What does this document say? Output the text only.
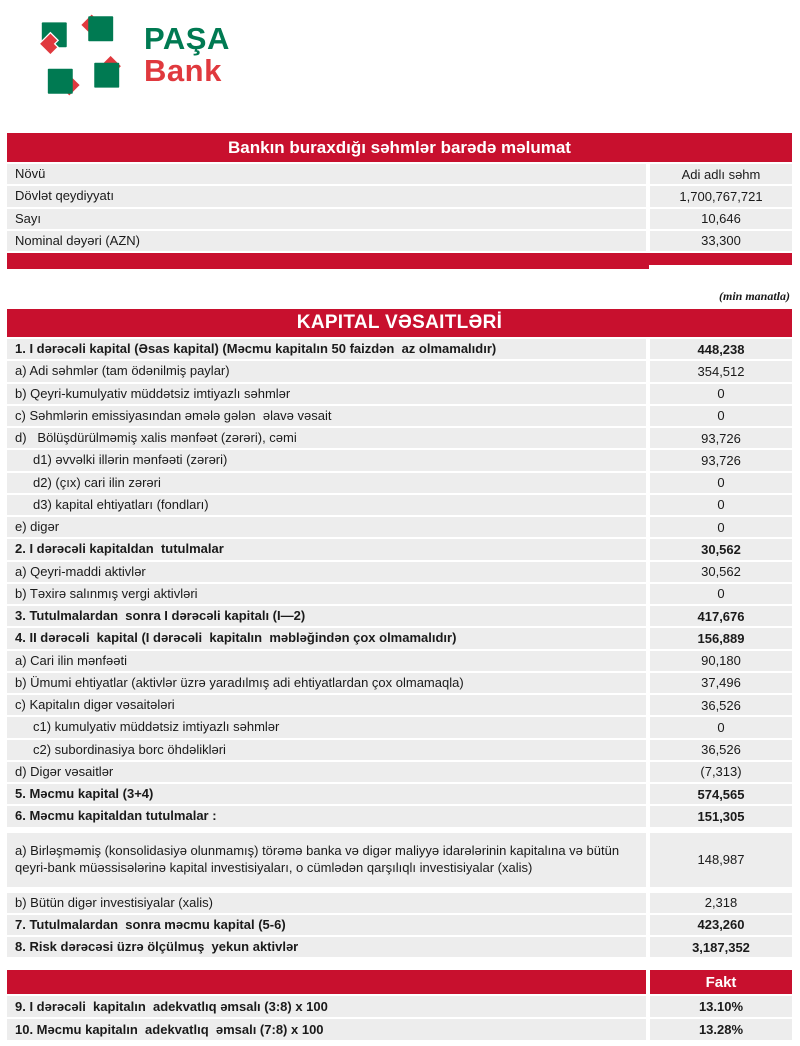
PAŞA
Bank
Bankın buraxdığı səhmlər barədə məlumat
Növü	Adi adlı səhm
Dövlət qeydiyyatı	1,700,767,721
Sayı	10,646
Nominal dəyəri (AZN)	33,300
(min manatla)
KAPITAL VƏSAITLƏRİ
1. I dərəcəli kapital (Əsas kapital) (Məcmu kapitalın 50 faizdən  az olmamalıdır)	448,238
a) Adi səhmlər (tam ödənilmiş paylar)	354,512
b) Qeyri-kumulyativ müddətsiz imtiyazlı səhmlər	0
c) Səhmlərin emissiyasından əmələ gələn  əlavə vəsait	0
d)   Bölüşdürülməmiş xalis mənfəət (zərəri), cəmi	93,726
d1) əvvəlki illərin mənfəəti (zərəri)	93,726
d2) (çıx) cari ilin zərəri	0
d3) kapital ehtiyatları (fondları)	0
e) digər	0
2. I dərəcəli kapitaldan  tutulmalar	30,562
a) Qeyri-maddi aktivlər	30,562
b) Təxirə salınmış vergi aktivləri	0
3. Tutulmalardan  sonra I dərəcəli kapitalı (I—2)	417,676
4. II dərəcəli  kapital (I dərəcəli  kapitalın  məbləğindən çox olmamalıdır)	156,889
a) Cari ilin mənfəəti	90,180
b) Ümumi ehtiyatlar (aktivlər üzrə yaradılmış adi ehtiyatlardan çox olmamaqla)	37,496
c) Kapitalın digər vəsaitələri	36,526
c1) kumulyativ müddətsiz imtiyazlı səhmlər	0
c2) subordinasiya borc öhdəlikləri	36,526
d) Digər vəsaitlər	(7,313)
5. Məcmu kapital (3+4)	574,565
6. Məcmu kapitaldan tutulmalar :	151,305
a) Birləşməmiş (konsolidasiyə olunmamış) törəmə banka və digər maliyyə idarələrinin kapitalına və bütün qeyri-bank müəssisələrinə kapital investisiyaları, o cümlədən qarşılıqlı investisiyalar (xalis)	148,987
b) Bütün digər investisiyalar (xalis)	2,318
7. Tutulmalardan  sonra məcmu kapital (5-6)	423,260
8. Risk dərəcəsi üzrə ölçülmuş  yekun aktivlər	3,187,352
Fakt
9. I dərəcəli  kapitalın  adekvatlıq əmsalı (3:8) x 100	13.10%
10. Məcmu kapitalın  adekvatlıq  əmsalı (7:8) x 100	13.28%
